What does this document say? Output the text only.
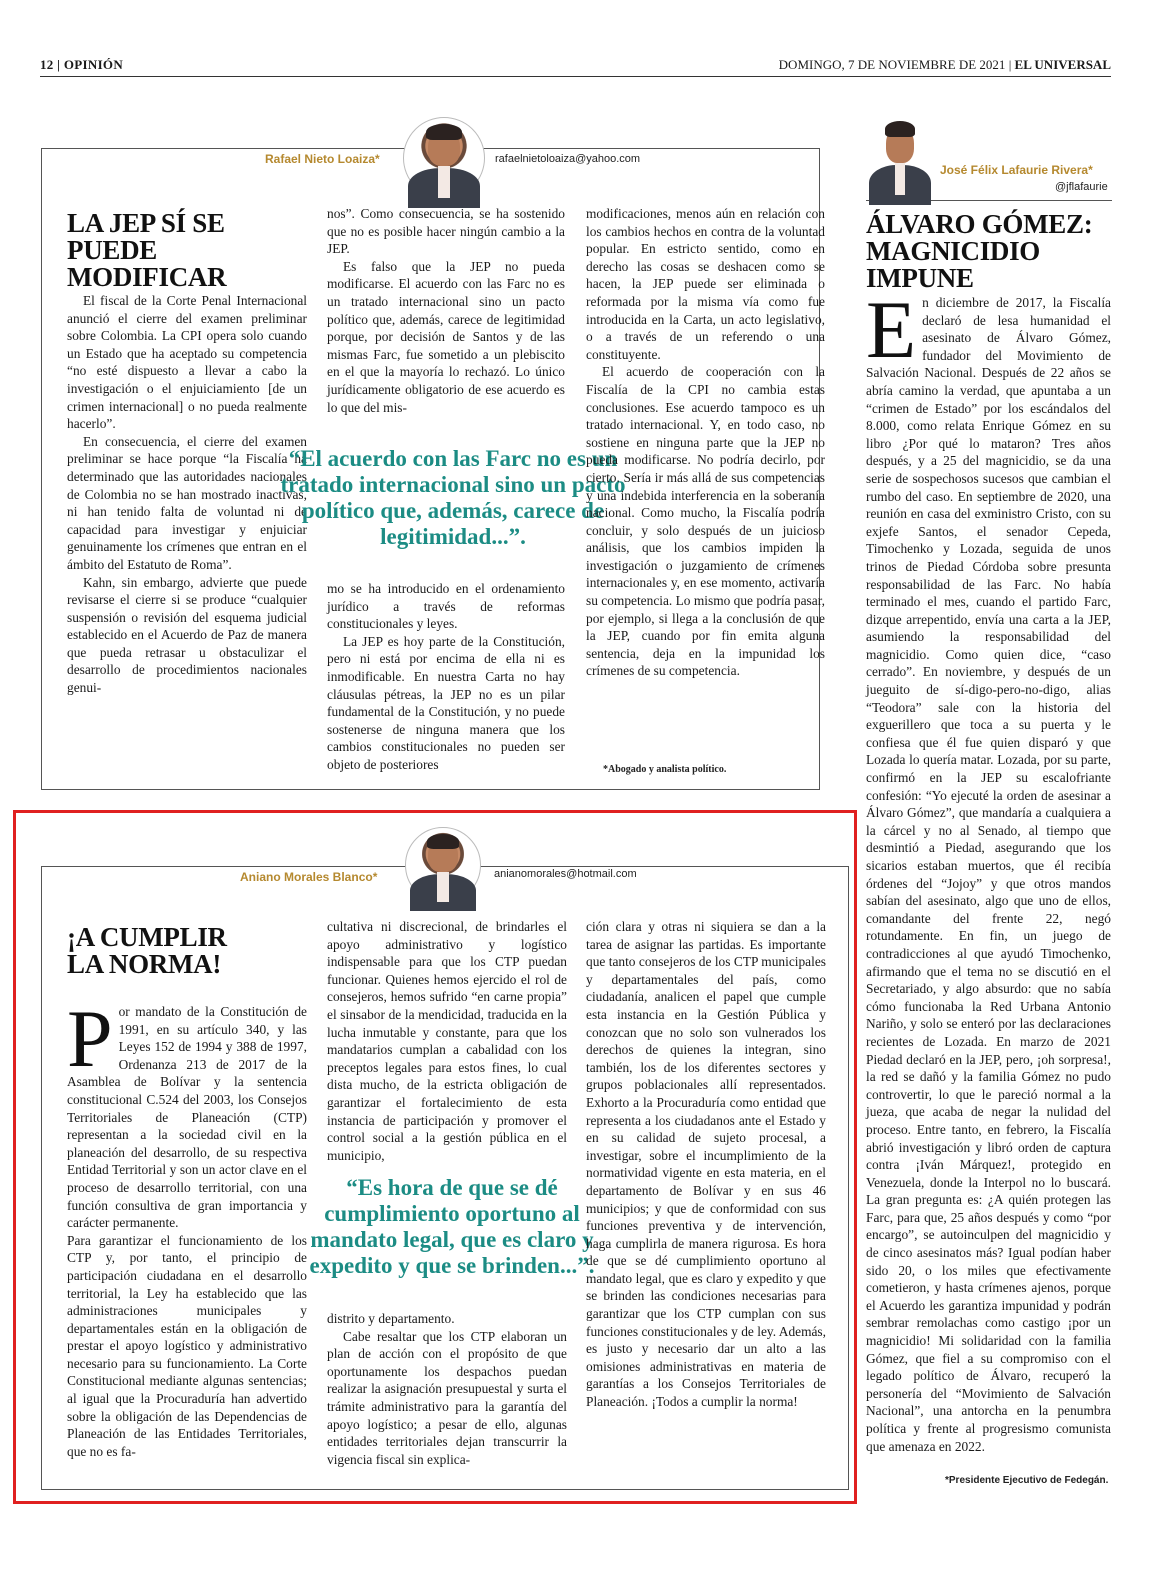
12 | OPINIÓN	DOMINGO, 7 DE NOVIEMBRE DE 2021 | EL UNIVERSAL
Rafael Nieto Loaiza*	rafaelnietoloaiza@yahoo.com
LA JEP SÍ SE PUEDE MODIFICAR

El fiscal de la Corte Penal Internacional anunció el cierre del examen preliminar sobre Colombia. La CPI opera solo cuando un Estado que ha aceptado su competencia “no esté dispuesto a llevar a cabo la investigación o el enjuiciamiento [de un crimen internacional] o no pueda realmente hacerlo”.

En consecuencia, el cierre del examen preliminar se hace porque “la Fiscalía ha determinado que las autoridades nacionales de Colombia no se han mostrado inactivas, ni han tenido falta de voluntad ni de capacidad para investigar y enjuiciar genuinamente los crímenes que entran en el ámbito del Estatuto de Roma”.

Kahn, sin embargo, advierte que puede revisarse el cierre si se produce “cualquier suspensión o revisión del esquema judicial establecido en el Acuerdo de Paz de manera que pueda retrasar u obstaculizar el desarrollo de procedimientos nacionales genui-

nos”. Como consecuencia, se ha sostenido que no es posible hacer ningún cambio a la JEP.

Es falso que la JEP no pueda modificarse. El acuerdo con las Farc no es un tratado internacional sino un pacto político que, además, carece de legitimidad porque, por decisión de Santos y de las mismas Farc, fue sometido a un plebiscito en el que la mayoría lo rechazó. Lo único jurídicamente obligatorio de ese acuerdo es lo que del mis-

“El acuerdo con las Farc no es un tratado internacional sino un pacto político que, además, carece de legitimidad...”.

mo se ha introducido en el ordenamiento jurídico a través de reformas constitucionales y leyes.

La JEP es hoy parte de la Constitución, pero ni está por encima de ella ni es inmodificable. En nuestra Carta no hay cláusulas pétreas, la JEP no es un pilar fundamental de la Constitución, y no puede sostenerse de ninguna manera que los cambios constitucionales no pueden ser objeto de posteriores

modificaciones, menos aún en relación con los cambios hechos en contra de la voluntad popular. En estricto sentido, como en derecho las cosas se deshacen como se hacen, la JEP puede ser eliminada o reformada por la misma vía como fue introducida en la Carta, un acto legislativo, o a través de un referendo o una constituyente.

El acuerdo de cooperación con la Fiscalía de la CPI no cambia estas conclusiones. Ese acuerdo tampoco es un tratado internacional. Y, en todo caso, no sostiene en ninguna parte que la JEP no pueda modificarse. No podría decirlo, por cierto. Sería ir más allá de sus competencias y una indebida interferencia en la soberanía nacional. Como mucho, la Fiscalía podría concluir, y solo después de un juicioso análisis, que los cambios impiden la investigación o juzgamiento de crímenes internacionales y, en ese momento, activaría su competencia. Lo mismo que podría pasar, por ejemplo, si llega a la conclusión de que la JEP, cuando por fin emita alguna sentencia, deja en la impunidad los crímenes de su competencia.

*Abogado y analista político.
Aniano Morales Blanco*	anianomorales@hotmail.com
¡A CUMPLIR LA NORMA!
P or mandato de la Constitución de 1991, en su artículo 340, y las Leyes 152 de 1994 y 388 de 1997, Ordenanza 213 de 2017 de la Asamblea de Bolívar y la sentencia constitucional C.524 del 2003, los Consejos Territoriales de Planeación (CTP) representan a la sociedad civil en la planeación del desarrollo, de su respectiva Entidad Territorial y son un actor clave en el proceso de desarrollo territorial, con una función consultiva de gran importancia y carácter permanente.

Para garantizar el funcionamiento de los CTP y, por tanto, el principio de participación ciudadana en el desarrollo territorial, la Ley ha establecido que las administraciones municipales y departamentales están en la obligación de prestar el apoyo logístico y administrativo necesario para su funcionamiento. La Corte Constitucional mediante algunas sentencias; al igual que la Procuraduría han advertido sobre la obligación de las Dependencias de Planeación de las Entidades Territoriales, que no es fa-

cultativa ni discrecional, de brindarles el apoyo administrativo y logístico indispensable para que los CTP puedan funcionar. Quienes hemos ejercido el rol de consejeros, hemos sufrido “en carne propia” el sinsabor de la mendicidad, traducida en la lucha inmutable y constante, para que los mandatarios cumplan a cabalidad con los preceptos legales para estos fines, lo cual dista mucho, de la estricta obligación de garantizar el fortalecimiento de esta instancia de participación y promover el control social a la gestión pública en el municipio,

“Es hora de que se dé cumplimiento oportuno al mandato legal, que es claro y expedito y que se brinden...”.

distrito y departamento.

Cabe resaltar que los CTP elaboran un plan de acción con el propósito de que oportunamente los despachos puedan realizar la asignación presupuestal y surta el trámite administrativo para la garantía del apoyo logístico; a pesar de ello, algunas entidades territoriales dejan transcurrir la vigencia fiscal sin explica-

ción clara y otras ni siquiera se dan a la tarea de asignar las partidas. Es importante que tanto consejeros de los CTP municipales y departamentales del país, como ciudadanía, analicen el papel que cumple esta instancia en la Gestión Pública y conozcan que no solo son vulnerados los derechos de quienes la integran, sino también, los de los diferentes sectores y grupos poblacionales allí representados. Exhorto a la Procuraduría como entidad que representa a los ciudadanos ante el Estado y en su calidad de sujeto procesal, a investigar, sobre el incumplimiento de la normatividad vigente en esta materia, en el departamento de Bolívar y en sus 46 municipios; y que de conformidad con sus funciones preventiva y de intervención, haga cumplirla de manera rigurosa. Es hora de que se dé cumplimiento oportuno al mandato legal, que es claro y expedito y que se brinden las condiciones necesarias para garantizar que los CTP cumplan con sus funciones constitucionales y de ley. Además, es justo y necesario dar un alto a las omisiones administrativas en materia de garantías a los Consejos Territoriales de Planeación. ¡Todos a cumplir la norma!

José Félix Lafaurie Rivera*
@jflafaurie
ÁLVARO GÓMEZ: MAGNICIDIO IMPUNE
E n diciembre de 2017, la Fiscalía declaró de lesa humanidad el asesinato de Álvaro Gómez, fundador del Movimiento de Salvación Nacional. Después de 22 años se abría camino la verdad, que apuntaba a un “crimen de Estado” por los escándalos del 8.000, como relata Enrique Gómez en su libro ¿Por qué lo mataron? Tres años después, y a 25 del magnicidio, se da una serie de sospechosos sucesos que cambian el rumbo del caso. En septiembre de 2020, una reunión en casa del exministro Cristo, con su exjefe Santos, el senador Cepeda, Timochenko y Lozada, seguida de unos trinos de Piedad Córdoba sobre presunta responsabilidad de las Farc. No había terminado el mes, cuando el partido Farc, dizque arrepentido, envía una carta a la JEP, asumiendo la responsabilidad del magnicidio. Como quien dice, “caso cerrado”. En noviembre, y después de un jueguito de sí-digo-pero-no-digo, alias “Teodora” sale con la historia del exguerillero que toca a su puerta y le confiesa que él fue quien disparó y que Lozada lo quería matar. Lozada, por su parte, confirmó en la JEP su escalofriante confesión: “Yo ejecuté la orden de asesinar a Álvaro Gómez”, que mandaría a cualquiera a la cárcel y no al Senado, al tiempo que desmintió a Piedad, asegurando que los sicarios estaban muertos, que él recibía órdenes del “Jojoy” y que otros mandos sabían del asesinato, algo que uno de ellos, comandante del frente 22, negó rotundamente. En fin, un juego de contradicciones al que ayudó Timochenko, afirmando que el tema no se discutió en el Secretariado, y algo absurdo: que no sabía cómo funcionaba la Red Urbana Antonio Nariño, y solo se enteró por las declaraciones recientes de Lozada. En marzo de 2021 Piedad declaró en la JEP, pero, ¡oh sorpresa!, la red se dañó y la familia Gómez no pudo controvertir, lo que le pareció normal a la jueza, que acaba de negar la nulidad del proceso. Entre tanto, en febrero, la Fiscalía abrió investigación y libró orden de captura contra ¡Iván Márquez!, protegido en Venezuela, donde la Interpol no lo buscará. La gran pregunta es: ¿A quién protegen las Farc, para que, 25 años después y como “por encargo”, se autoinculpen del magnicidio y de cinco asesinatos más? Igual podían haber sido 20, o los miles que efectivamente cometieron, y hasta crímenes ajenos, porque el Acuerdo les garantiza impunidad y podrán sembrar remolachas como castigo ¡por un magnicidio! Mi solidaridad con la familia Gómez, que fiel a su compromiso con el legado político de Álvaro, recuperó la personería del “Movimiento de Salvación Nacional”, una antorcha en la penumbra política y frente al progresismo comunista que amenaza en 2022.

*Presidente Ejecutivo de Fedegán.
